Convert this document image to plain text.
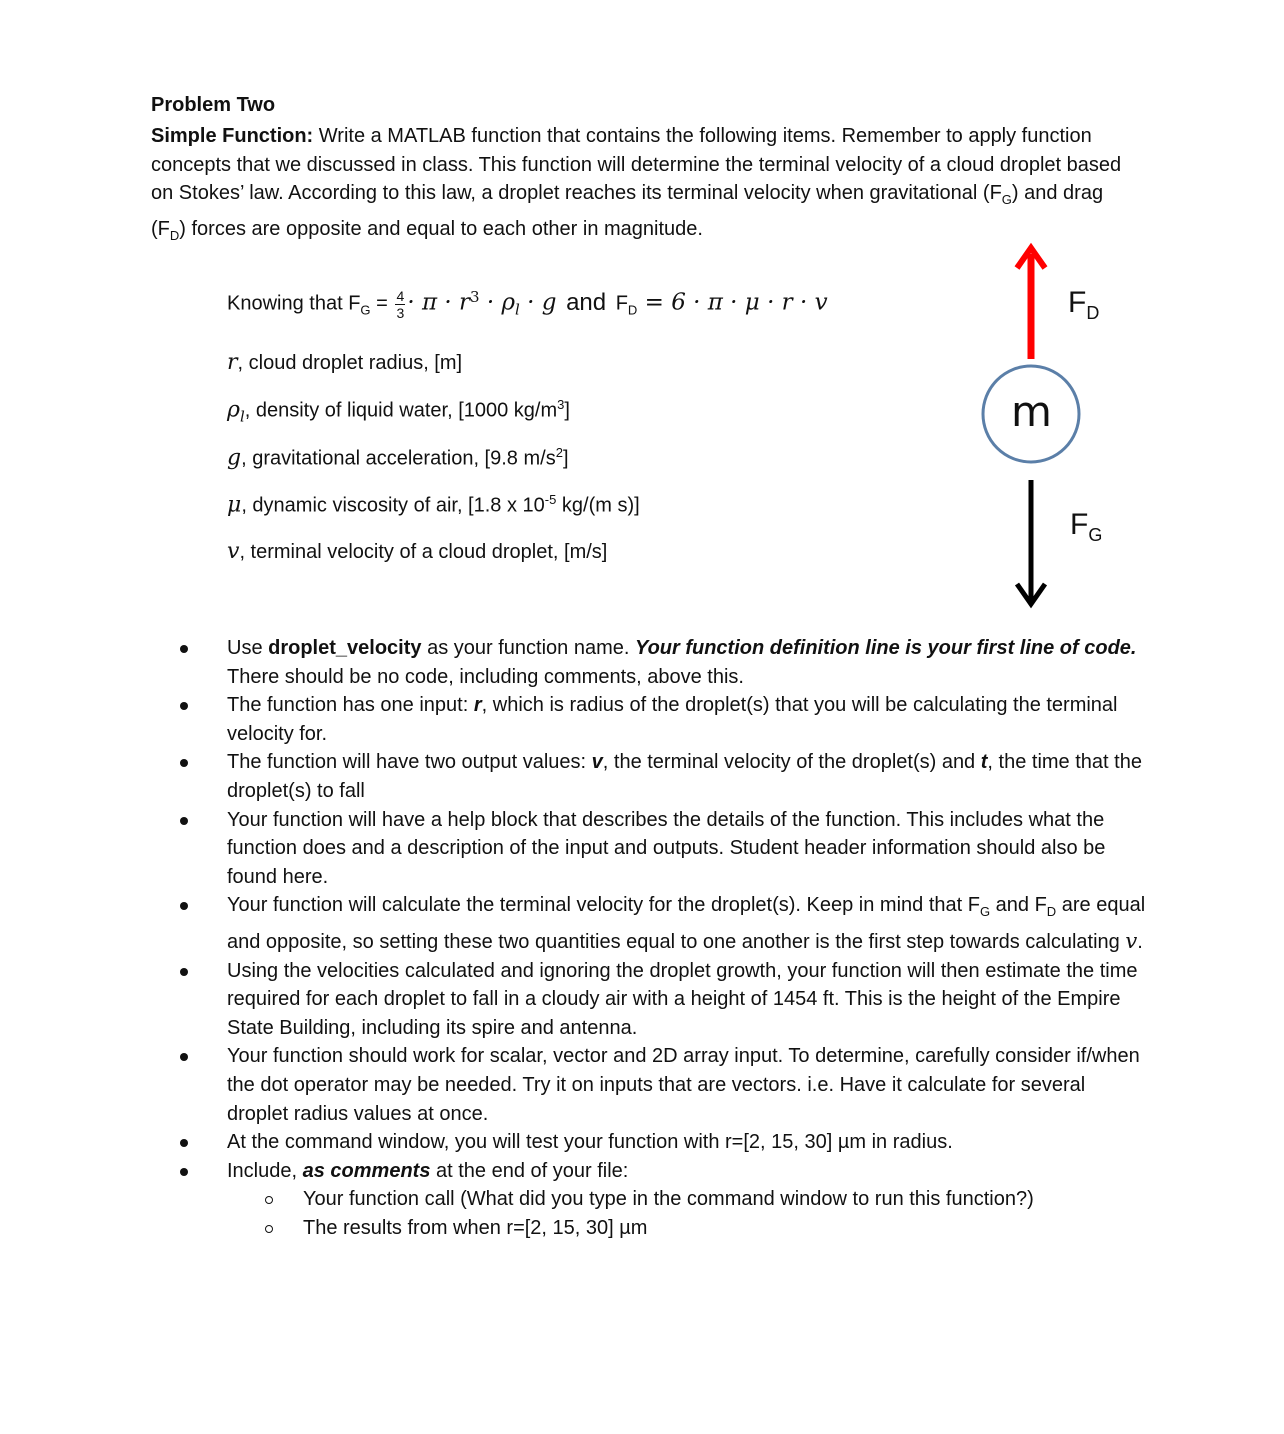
Problem Two
Simple Function: Write a MATLAB function that contains the following items. Remember to apply function concepts that we discussed in class. This function will determine the terminal velocity of a cloud droplet based on Stokes’ law. According to this law, a droplet reaches its terminal velocity when gravitational $(F_G)$ and drag $(F_D)$ forces are opposite and equal to each other in magnitude.
Knowing that $F_G = \frac{4}{3} \cdot \pi \cdot r^3 \cdot \rho_l \cdot g$ and $F_D = 6 \cdot \pi \cdot \mu \cdot r \cdot v$
r, cloud droplet radius, [m]
$\rho_l$, density of liquid water, [1000 $kg/m^3$]
g, gravitational acceleration, [9.8 $m/s^2$]
μ, dynamic viscosity of air, [1.8 x $10^{-5}$ kg/(m s)]
v, terminal velocity of a cloud droplet, [m/s]
m
$F_D$
$F_G$
Use droplet_velocity as your function name. Your function definition line is your first line of code. There should be no code, including comments, above this.
The function has one input: r, which is radius of the droplet(s) that you will be calculating the terminal velocity for.
The function will have two output values: v, the terminal velocity of the droplet(s) and t, the time that the droplet(s) to fall
Your function will have a help block that describes the details of the function. This includes what the function does and a description of the input and outputs. Student header information should also be found here.
Your function will calculate the terminal velocity for the droplet(s). Keep in mind that $F_G$ and $F_D$ are equal and opposite, so setting these two quantities equal to one another is the first step towards calculating v.
Using the velocities calculated and ignoring the droplet growth, your function will then estimate the time required for each droplet to fall in a cloudy air with a height of 1454 ft. This is the height of the Empire State Building, including its spire and antenna.
Your function should work for scalar, vector and 2D array input. To determine, carefully consider if/when the dot operator may be needed. Try it on inputs that are vectors. i.e. Have it calculate for several droplet radius values at once.
At the command window, you will test your function with r=[2, 15, 30] µm in radius.
Include, as comments at the end of your file:
Your function call (What did you type in the command window to run this function?)
The results from when r=[2, 15, 30] µm
